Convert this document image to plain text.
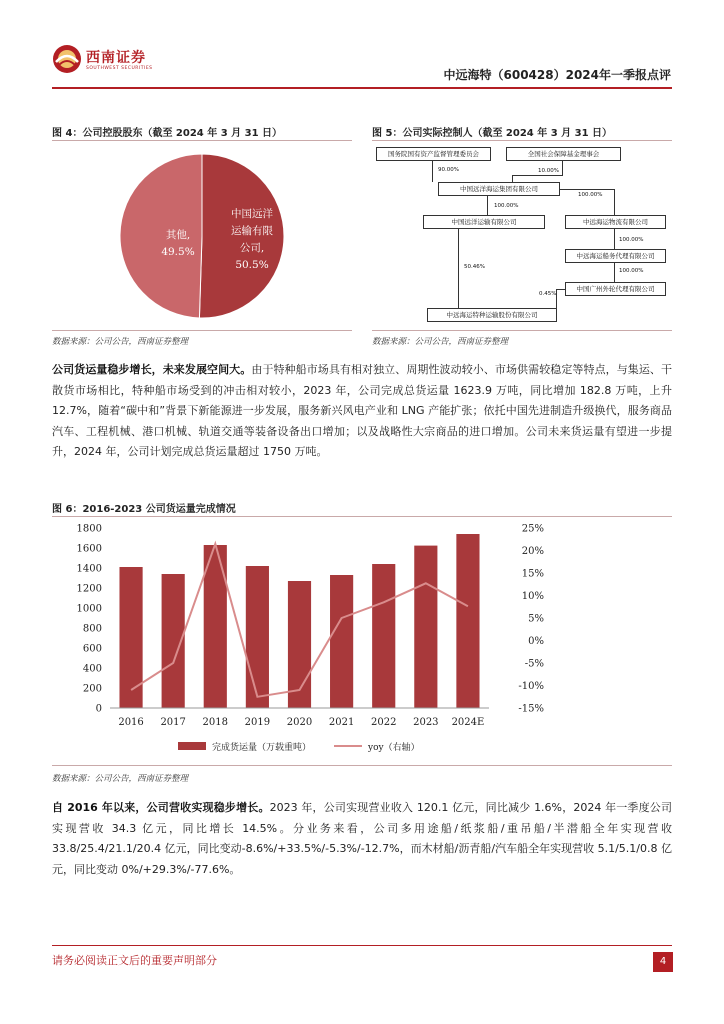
西南证券
SOUTHWEST SECURITIES	中远海特（600428）2024年一季报点评
图 4：公司控股股东（截至 2024 年 3 月 31 日）
中国远洋
运输有限
公司,
50.5%
其他,
49.5%
数据来源：公司公告，西南证券整理
图 5：公司实际控制人（截至 2024 年 3 月 31 日）
国务院国有资产监督管理委员会	全国社会保障基金理事会
90.00%	10.00%
中国远洋海运集团有限公司
100.00%
100.00%
中国远洋运输有限公司	中远海运物流有限公司
100.00%
中远海运船务代理有限公司
100.00%
中国广州外轮代理有限公司
50.46%
0.45%
中远海运特种运输股份有限公司
数据来源：公司公告，西南证券整理
公司货运量稳步增长，未来发展空间大。由于特种船市场具有相对独立、周期性波动较小、市场供需较稳定等特点，与集运、干散货市场相比，特种船市场受到的冲击相对较小，2023 年，公司完成总货运量 1623.9 万吨，同比增加 182.8 万吨，上升 12.7%，随着“碳中和”背景下新能源进一步发展，服务新兴风电产业和 LNG 产能扩张；依托中国先进制造升级换代，服务商品汽车、工程机械、港口机械、轨道交通等装备设备出口增加；以及战略性大宗商品的进口增加。公司未来货运量有望进一步提升，2024 年，公司计划完成总货运量超过 1750 万吨。
图 6：2016-2023 公司货运量完成情况
1800
1600
1400
1200
1000
800
600
400
200
0
25%
20%
15%
10%
5%
0%
-5%
-10%
-15%
2016 2017 2018 2019 2020 2021 2022 2023 2024E
完成货运量（万载重吨）	yoy（右轴）
数据来源：公司公告，西南证券整理
自 2016 年以来，公司营收实现稳步增长。2023 年，公司实现营业收入 120.1 亿元，同比减少 1.6%，2024 年一季度公司实现营收 34.3 亿元，同比增长 14.5%。分业务来看，公司多用途船/纸浆船/重吊船/半潜船全年实现营收 33.8/25.4/21.1/20.4 亿元，同比变动-8.6%/+33.5%/-5.3%/-12.7%，而木材船/沥青船/汽车船全年实现营收 5.1/5.1/0.8 亿元，同比变动 0%/+29.3%/-77.6%。
请务必阅读正文后的重要声明部分	4
